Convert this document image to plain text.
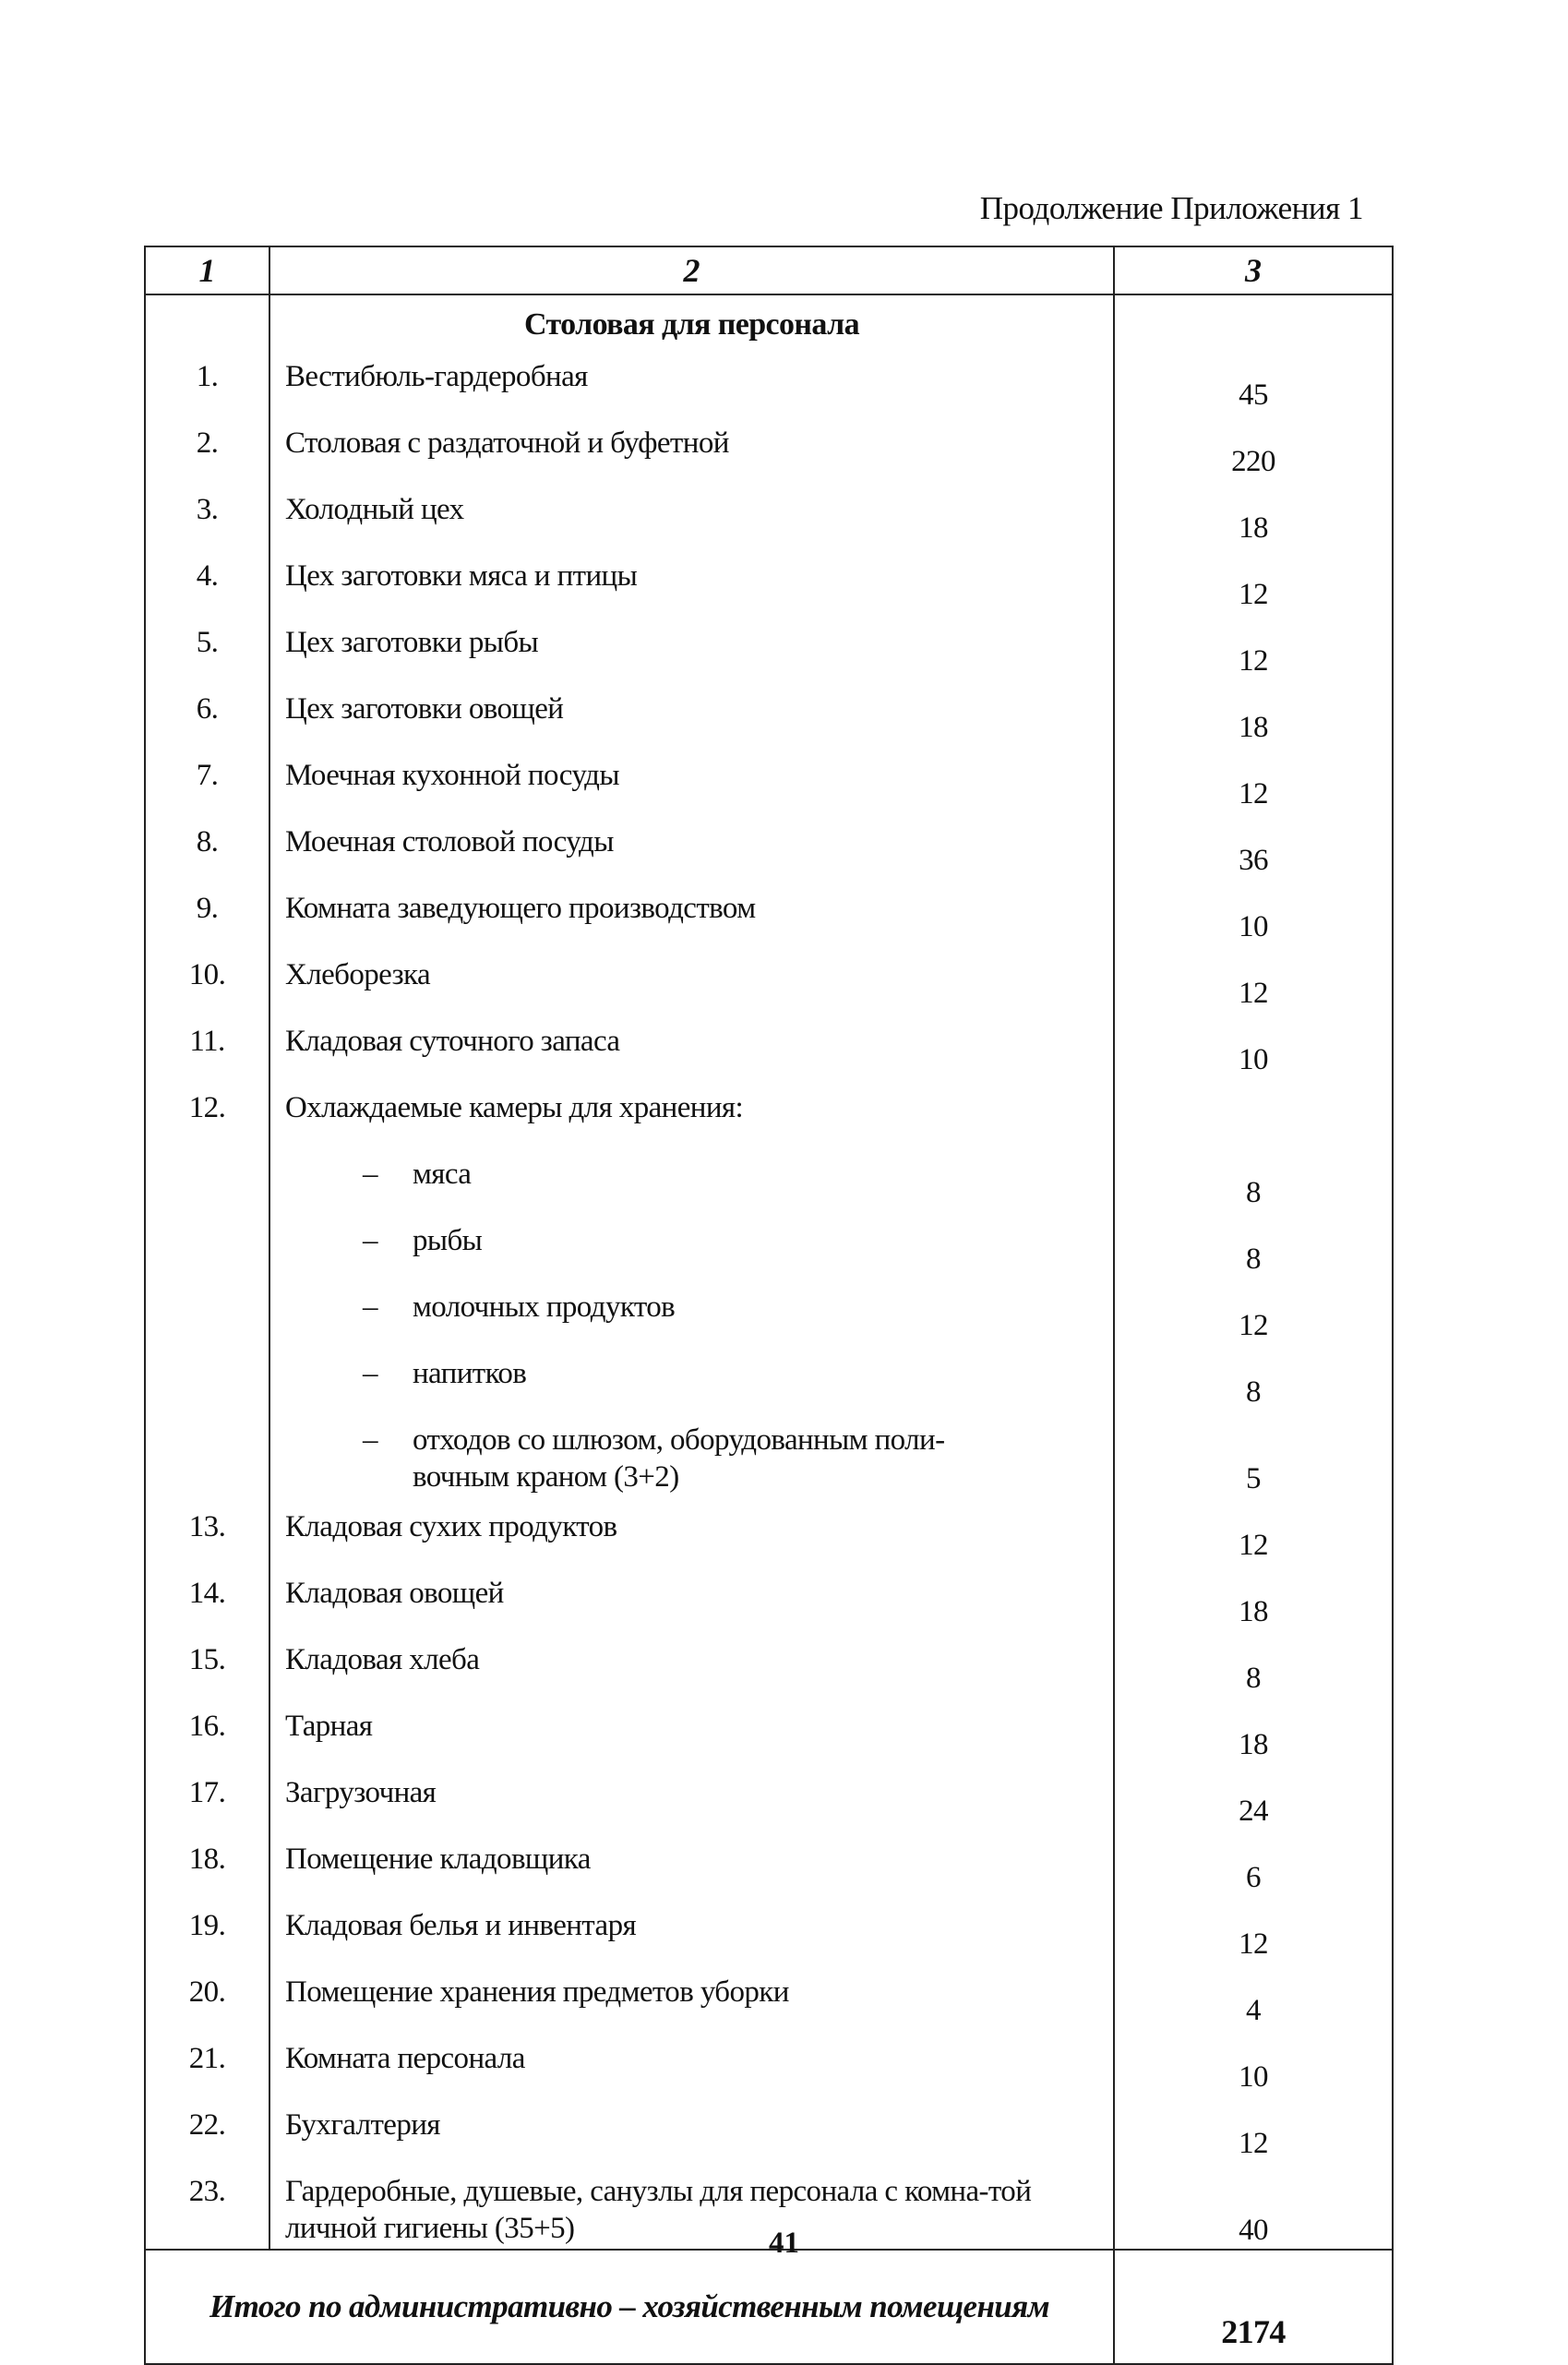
Продолжение Приложения 1
1	2	3
	Столовая для персонала	
1.	Вестибюль-гардеробная	45
2.	Столовая с раздаточной и буфетной	220
3.	Холодный цех	18
4.	Цех заготовки мяса и птицы	12
5.	Цех заготовки рыбы	12
6.	Цех заготовки овощей	18
7.	Моечная кухонной посуды	12
8.	Моечная столовой посуды	36
9.	Комната заведующего производством	10
10.	Хлеборезка	12
11.	Кладовая суточного запаса	10
12.	Охлаждаемые камеры для хранения:	
	– мяса	8
	– рыбы	8
	– молочных продуктов	12
	– напитков	8
	– отходов со шлюзом, оборудованным поли-вочным краном (3+2)	5
13.	Кладовая сухих продуктов	12
14.	Кладовая овощей	18
15.	Кладовая хлеба	8
16.	Тарная	18
17.	Загрузочная	24
18.	Помещение кладовщика	6
19.	Кладовая белья и инвентаря	12
20.	Помещение хранения предметов уборки	4
21.	Комната персонала	10
22.	Бухгалтерия	12
23.	Гардеробные, душевые, санузлы для персонала с комна-той личной гигиены (35+5)	40
Итого по административно – хозяйственным помещениям		2174
41
